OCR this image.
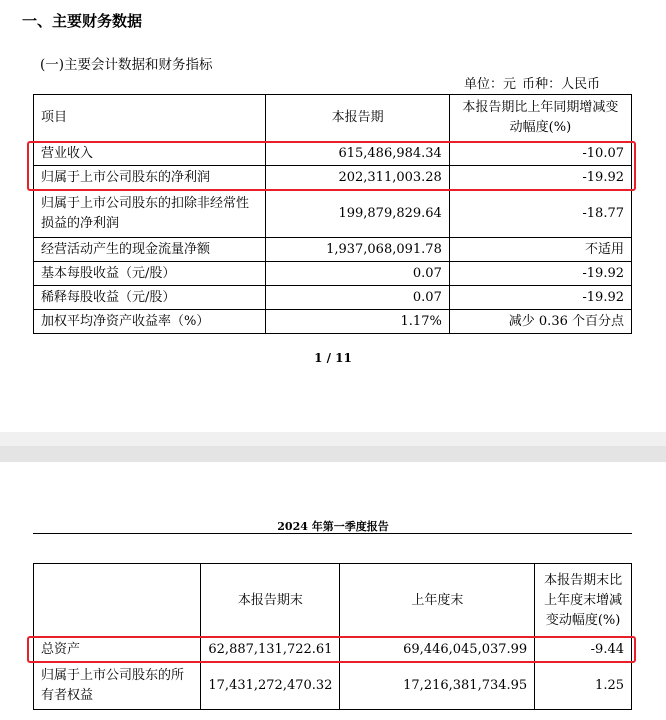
一、主要财务数据
(一)主要会计数据和财务指标
单位：元 币种：人民币
项目	本报告期	本报告期比上年同期增减变动幅度(%)
营业收入	615,486,984.34	-10.07
归属于上市公司股东的净利润	202,311,003.28	-19.92
归属于上市公司股东的扣除非经常性损益的净利润	199,879,829.64	-18.77
经营活动产生的现金流量净额	1,937,068,091.78	不适用
基本每股收益（元/股）	0.07	-19.92
稀释每股收益（元/股）	0.07	-19.92
加权平均净资产收益率（%）	1.17%	减少 0.36 个百分点
1 / 11
2024 年第一季度报告
	本报告期末	上年度末	本报告期末比上年度末增减变动幅度(%)
总资产	62,887,131,722.61	69,446,045,037.99	-9.44
归属于上市公司股东的所有者权益	17,431,272,470.32	17,216,381,734.95	1.25
